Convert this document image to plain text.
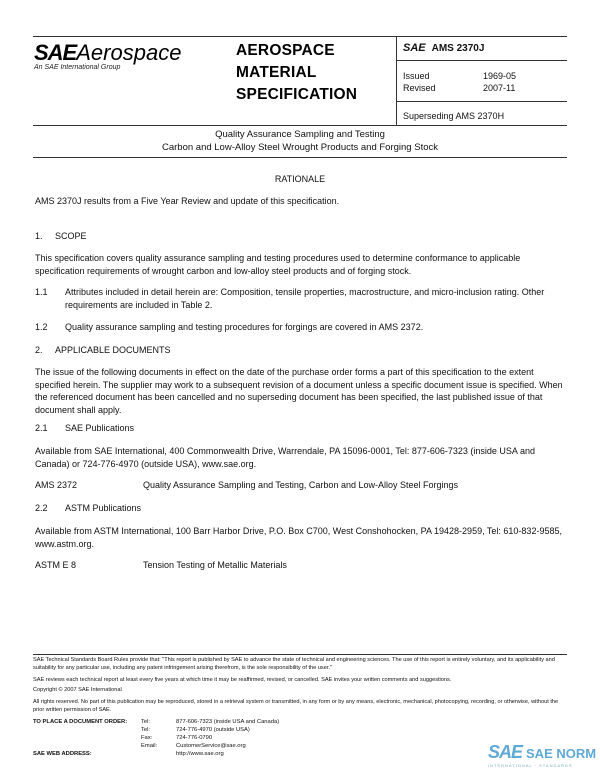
SAEAerospace
An SAE International Group
AEROSPACE
MATERIAL
SPECIFICATION
SAE AMS 2370J
Issued	1969-05
Revised	2007-11
Superseding AMS 2370H
Quality Assurance Sampling and Testing
Carbon and Low-Alloy Steel Wrought Products and Forging Stock
RATIONALE
AMS 2370J results from a Five Year Review and update of this specification.
1. SCOPE
This specification covers quality assurance sampling and testing procedures used to determine conformance to applicable specification requirements of wrought carbon and low-alloy steel products and of forging stock.
1.1	Attributes included in detail herein are: Composition, tensile properties, macrostructure, and micro-inclusion rating. Other requirements are included in Table 2.
1.2	Quality assurance sampling and testing procedures for forgings are covered in AMS 2372.
2. APPLICABLE DOCUMENTS
The issue of the following documents in effect on the date of the purchase order forms a part of this specification to the extent specified herein. The supplier may work to a subsequent revision of a document unless a specific document issue is specified. When the referenced document has been cancelled and no superseding document has been specified, the last published issue of that document shall apply.
2.1 SAE Publications
Available from SAE International, 400 Commonwealth Drive, Warrendale, PA 15096-0001, Tel: 877-606-7323 (inside USA and Canada) or 724-776-4970 (outside USA), www.sae.org.
AMS 2372	Quality Assurance Sampling and Testing, Carbon and Low-Alloy Steel Forgings
2.2 ASTM Publications
Available from ASTM International, 100 Barr Harbor Drive, P.O. Box C700, West Conshohocken, PA 19428-2959, Tel: 610-832-9585, www.astm.org.
ASTM E 8	Tension Testing of Metallic Materials
SAE Technical Standards Board Rules provide that: "This report is published by SAE to advance the state of technical and engineering sciences. The use of this report is entirely voluntary, and its applicability and suitability for any particular use, including any patent infringement arising therefrom, is the sole responsibility of the user."
SAE reviews each technical report at least every five years at which time it may be reaffirmed, revised, or cancelled. SAE invites your written comments and suggestions.
Copyright © 2007 SAE International
All rights reserved. No part of this publication may be reproduced, stored in a retrieval system or transmitted, in any form or by any means, electronic, mechanical, photocopying, recording, or otherwise, without the prior written permission of SAE.
TO PLACE A DOCUMENT ORDER: Tel:	877-606-7323 (inside USA and Canada)
Tel:	724-776-4970 (outside USA)
Fax:	724-776-0790
Email:	CustomerService@sae.org
SAE WEB ADDRESS:	http://www.sae.org	SAE SAE NORM
INTERNATIONAL · STANDARDS
